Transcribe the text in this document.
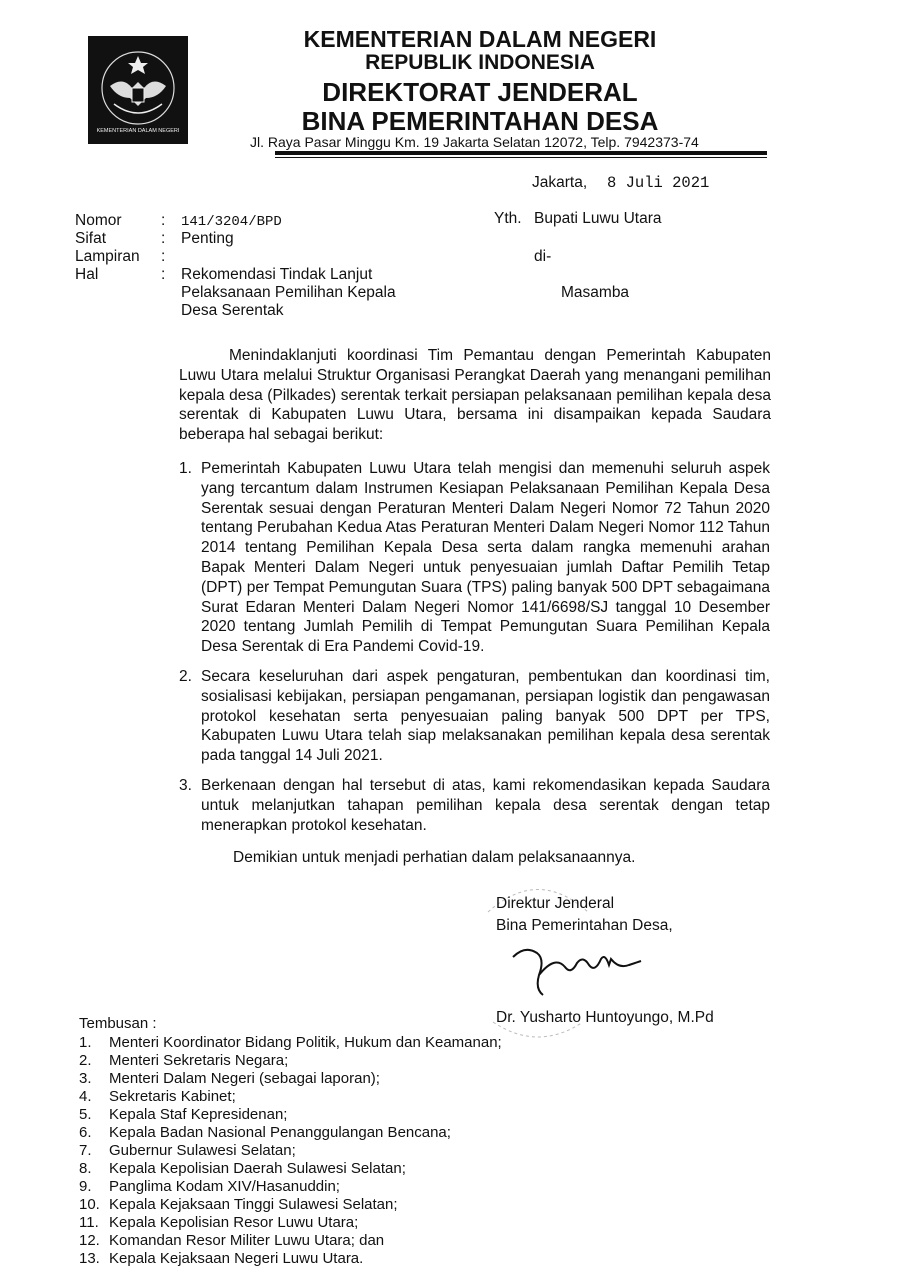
KEMENTERIAN DALAM NEGERI
KEMENTERIAN DALAM NEGERI
REPUBLIK INDONESIA
DIREKTORAT JENDERAL
BINA PEMERINTAHAN DESA
Jl. Raya Pasar Minggu Km. 19 Jakarta Selatan 12072, Telp. 7942373-74
Jakarta, 8 Juli 2021
Nomor	: 141/3204/BPD
Sifat	: Penting
Lampiran :
Hal	: Rekomendasi Tindak Lanjut
Pelaksanaan Pemilihan Kepala
Desa Serentak
Yth. Bupati Luwu Utara
di-
Masamba
Menindaklanjuti koordinasi Tim Pemantau dengan Pemerintah Kabupaten Luwu Utara melalui Struktur Organisasi Perangkat Daerah yang menangani pemilihan kepala desa (Pilkades) serentak terkait persiapan pelaksanaan pemilihan kepala desa serentak di Kabupaten Luwu Utara, bersama ini disampaikan kepada Saudara beberapa hal sebagai berikut:
1. Pemerintah Kabupaten Luwu Utara telah mengisi dan memenuhi seluruh aspek yang tercantum dalam Instrumen Kesiapan Pelaksanaan Pemilihan Kepala Desa Serentak sesuai dengan Peraturan Menteri Dalam Negeri Nomor 72 Tahun 2020 tentang Perubahan Kedua Atas Peraturan Menteri Dalam Negeri Nomor 112 Tahun 2014 tentang Pemilihan Kepala Desa serta dalam rangka memenuhi arahan Bapak Menteri Dalam Negeri untuk penyesuaian jumlah Daftar Pemilih Tetap (DPT) per Tempat Pemungutan Suara (TPS) paling banyak 500 DPT sebagaimana Surat Edaran Menteri Dalam Negeri Nomor 141/6698/SJ tanggal 10 Desember 2020 tentang Jumlah Pemilih di Tempat Pemungutan Suara Pemilihan Kepala Desa Serentak di Era Pandemi Covid-19.
2. Secara keseluruhan dari aspek pengaturan, pembentukan dan koordinasi tim, sosialisasi kebijakan, persiapan pengamanan, persiapan logistik dan pengawasan protokol kesehatan serta penyesuaian paling banyak 500 DPT per TPS, Kabupaten Luwu Utara telah siap melaksanakan pemilihan kepala desa serentak pada tanggal 14 Juli 2021.
3. Berkenaan dengan hal tersebut di atas, kami rekomendasikan kepada Saudara untuk melanjutkan tahapan pemilihan kepala desa serentak dengan tetap menerapkan protokol kesehatan.
Demikian untuk menjadi perhatian dalam pelaksanaannya.
Direktur Jenderal
Bina Pemerintahan Desa,
Dr. Yusharto Huntoyungo, M.Pd
Tembusan :
1. Menteri Koordinator Bidang Politik, Hukum dan Keamanan;
2. Menteri Sekretaris Negara;
3. Menteri Dalam Negeri (sebagai laporan);
4. Sekretaris Kabinet;
5. Kepala Staf Kepresidenan;
6. Kepala Badan Nasional Penanggulangan Bencana;
7. Gubernur Sulawesi Selatan;
8. Kepala Kepolisian Daerah Sulawesi Selatan;
9. Panglima Kodam XIV/Hasanuddin;
10. Kepala Kejaksaan Tinggi Sulawesi Selatan;
11. Kepala Kepolisian Resor Luwu Utara;
12. Komandan Resor Militer Luwu Utara; dan
13. Kepala Kejaksaan Negeri Luwu Utara.
